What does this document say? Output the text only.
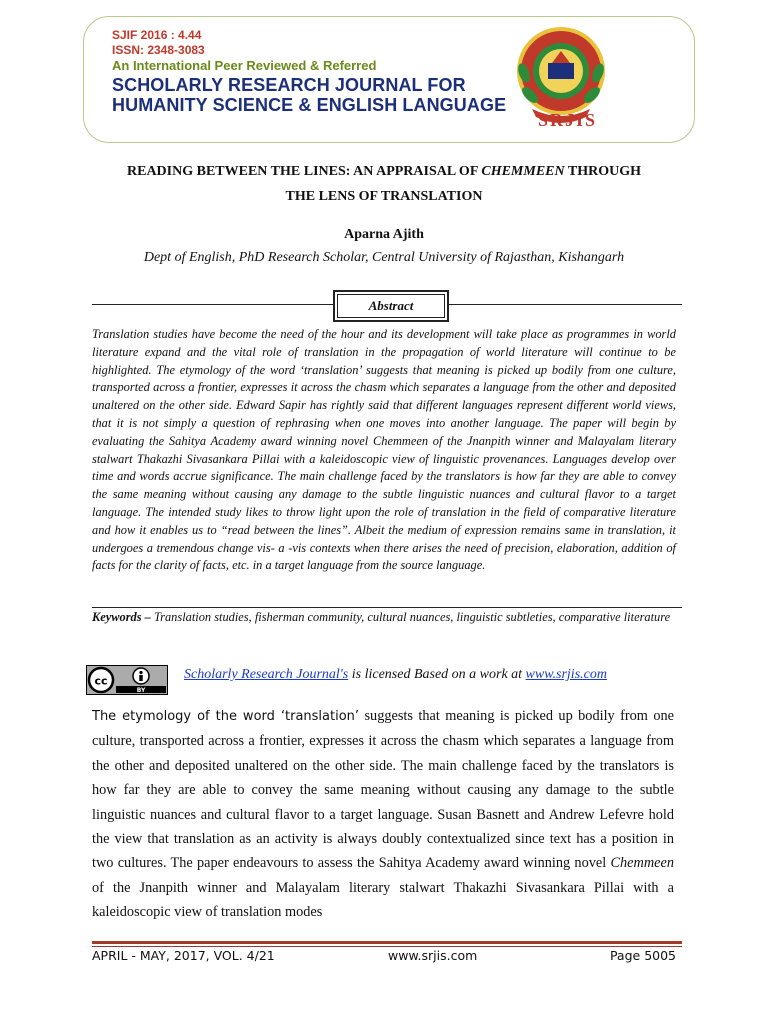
SJIF 2016 : 4.44
ISSN: 2348-3083
An International Peer Reviewed & Referred
SCHOLARLY RESEARCH JOURNAL FOR
HUMANITY SCIENCE & ENGLISH LANGUAGE
SRJIS
READING BETWEEN THE LINES: AN APPRAISAL OF CHEMMEEN THROUGH
THE LENS OF TRANSLATION
Aparna Ajith
Dept of English, PhD Research Scholar, Central University of Rajasthan, Kishangarh
Abstract
Translation studies have become the need of the hour and its development will take place as programmes in world literature expand and the vital role of translation in the propagation of world literature will continue to be highlighted. The etymology of the word ‘translation’ suggests that meaning is picked up bodily from one culture, transported across a frontier, expresses it across the chasm which separates a language from the other and deposited unaltered on the other side. Edward Sapir has rightly said that different languages represent different world views, that it is not simply a question of rephrasing when one moves into another language. The paper will begin by evaluating the Sahitya Academy award winning novel Chemmeen of the Jnanpith winner and Malayalam literary stalwart Thakazhi Sivasankara Pillai with a kaleidoscopic view of linguistic provenances. Languages develop over time and words accrue significance. The main challenge faced by the translators is how far they are able to convey the same meaning without causing any damage to the subtle linguistic nuances and cultural flavor to a target language. The intended study likes to throw light upon the role of translation in the field of comparative literature and how it enables us to “read between the lines”. Albeit the medium of expression remains same in translation, it undergoes a tremendous change vis- a -vis contexts when there arises the need of precision, elaboration, addition of facts for the clarity of facts, etc. in a target language from the source language.
Keywords – Translation studies, fisherman community, cultural nuances, linguistic subtleties, comparative literature
cc
BY
Scholarly Research Journal's is licensed Based on a work at www.srjis.com
The etymology of the word ‘translation’ suggests that meaning is picked up bodily from one culture, transported across a frontier, expresses it across the chasm which separates a language from the other and deposited unaltered on the other side. The main challenge faced by the translators is how far they are able to convey the same meaning without causing any damage to the subtle linguistic nuances and cultural flavor to a target language. Susan Basnett and Andrew Lefevre hold the view that translation as an activity is always doubly contextualized since text has a position in two cultures. The paper endeavours to assess the Sahitya Academy award winning novel Chemmeen of the Jnanpith winner and Malayalam literary stalwart Thakazhi Sivasankara Pillai with a kaleidoscopic view of translation modes
APRIL - MAY, 2017, VOL. 4/21	www.srjis.com	Page 5005
